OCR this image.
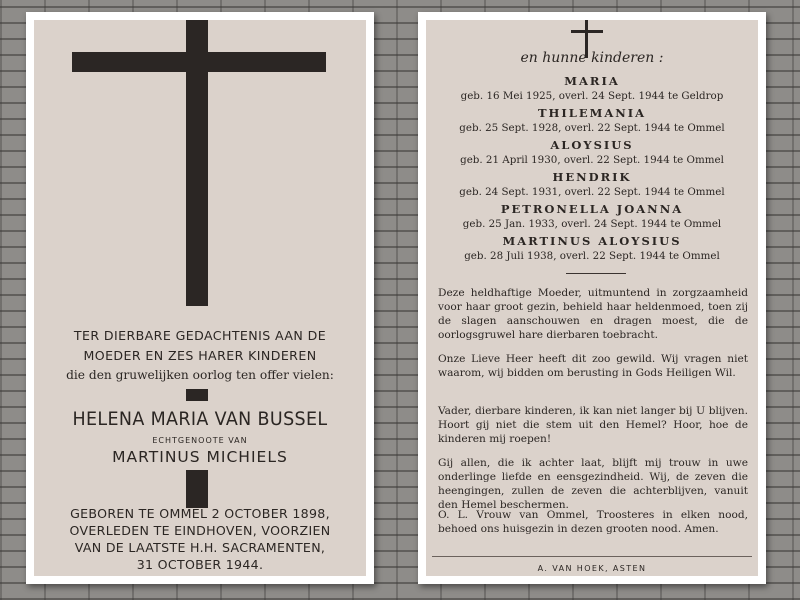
TER DIERBARE GEDACHTENIS AAN DE
MOEDER EN ZES HARER KINDEREN
die den gruwelijken oorlog ten offer vielen:
HELENA MARIA VAN BUSSEL
ECHTGENOOTE VAN
MARTINUS MICHIELS
GEBOREN TE OMMEL 2 OCTOBER 1898,
OVERLEDEN TE EINDHOVEN, VOORZIEN
VAN DE LAATSTE H.H. SACRAMENTEN,
31 OCTOBER 1944.
en hunne kinderen :
MARIA
geb. 16 Mei 1925, overl. 24 Sept. 1944 te Geldrop
THILEMANIA
geb. 25 Sept. 1928, overl. 22 Sept. 1944 te Ommel
ALOYSIUS
geb. 21 April 1930, overl. 22 Sept. 1944 te Ommel
HENDRIK
geb. 24 Sept. 1931, overl. 22 Sept. 1944 te Ommel
PETRONELLA JOANNA
geb. 25 Jan. 1933, overl. 24 Sept. 1944 te Ommel
MARTINUS ALOYSIUS
geb. 28 Juli 1938, overl. 22 Sept. 1944 te Ommel
Deze heldhaftige Moeder, uitmuntend in zorgzaamheid voor haar groot gezin, behield haar heldenmoed, toen zij de slagen aanschouwen en dragen moest, die de oorlogsgruwel hare dierbaren toebracht.
Onze Lieve Heer heeft dit zoo gewild. Wij vragen niet waarom, wij bidden om berusting in Gods Heiligen Wil.
Vader, dierbare kinderen, ik kan niet langer bij U blijven. Hoort gij niet die stem uit den Hemel? Hoor, hoe de kinderen mij roepen!
Gij allen, die ik achter laat, blijft mij trouw in uwe onderlinge liefde en eensgezindheid. Wij, de zeven die heengingen, zullen de zeven die achterblijven, vanuit den Hemel beschermen.
O. L. Vrouw van Ommel, Troosteres in elken nood, behoed ons huisgezin in dezen grooten nood. Amen.
A. VAN HOEK, ASTEN
